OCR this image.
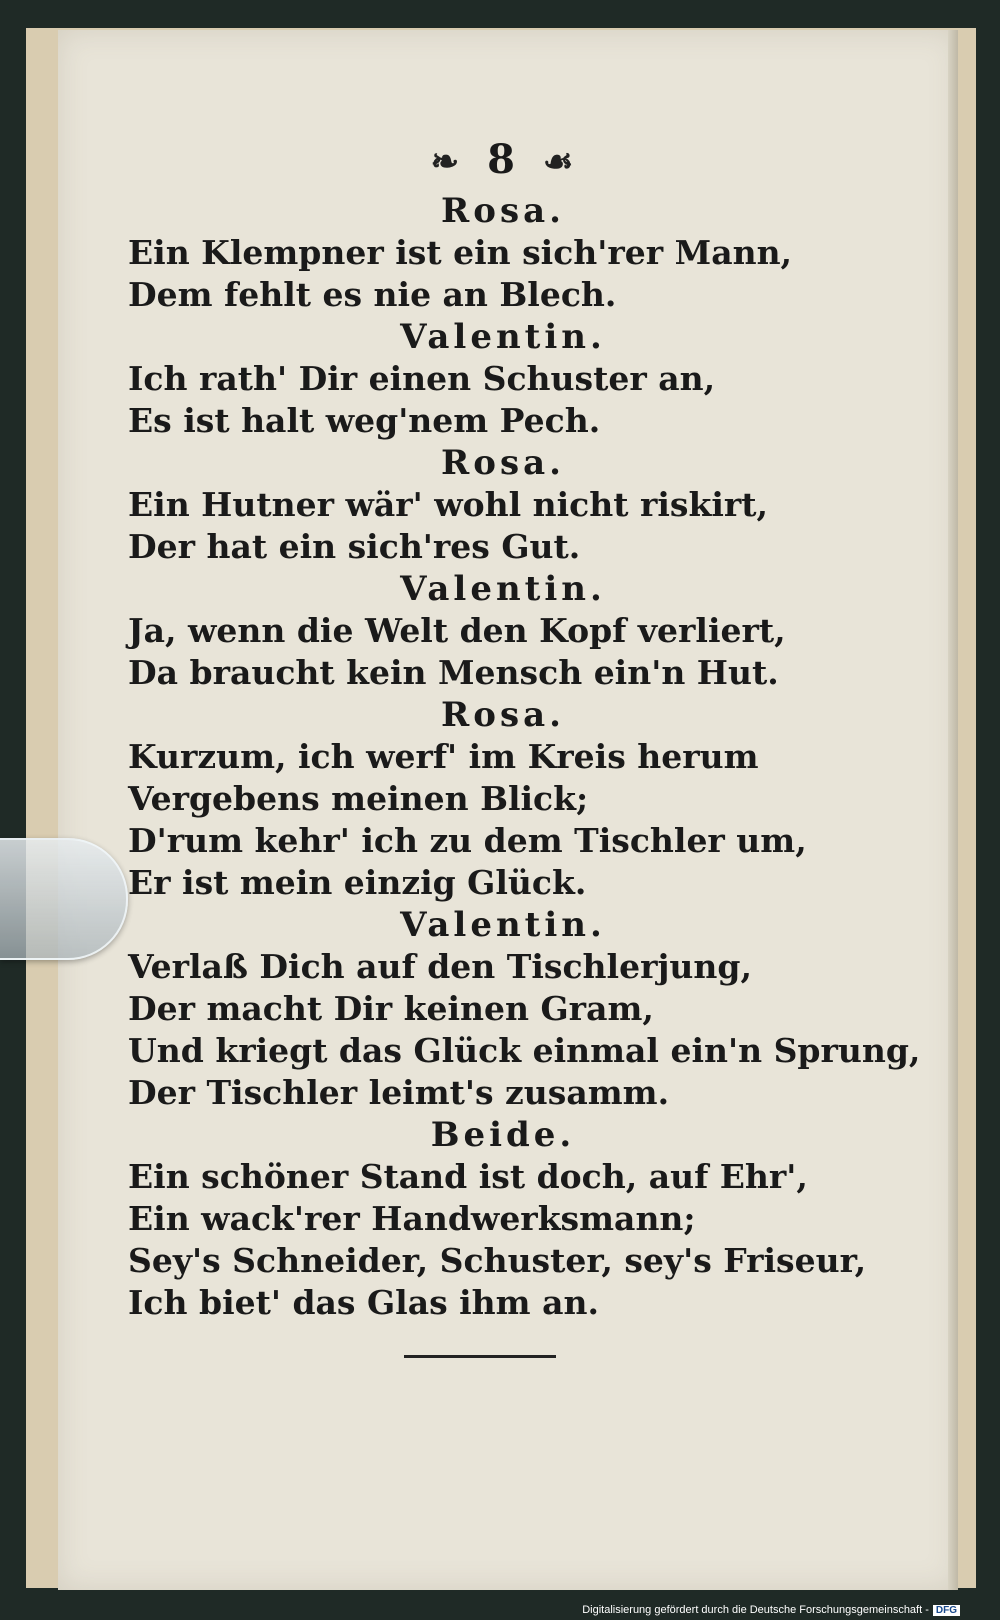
❧ 8 ☙
Rosa.
Ein Klempner ist ein sich'rer Mann,
Dem fehlt es nie an Blech.
Valentin.
Ich rath' Dir einen Schuster an,
Es ist halt weg'nem Pech.
Rosa.
Ein Hutner wär' wohl nicht riskirt,
Der hat ein sich'res Gut.
Valentin.
Ja, wenn die Welt den Kopf verliert,
Da braucht kein Mensch ein'n Hut.
Rosa.
Kurzum, ich werf' im Kreis herum
Vergebens meinen Blick;
D'rum kehr' ich zu dem Tischler um,
Er ist mein einzig Glück.
Valentin.
Verlaß Dich auf den Tischlerjung,
Der macht Dir keinen Gram,
Und kriegt das Glück einmal ein'n Sprung,
Der Tischler leimt's zusamm.
Beide.
Ein schöner Stand ist doch, auf Ehr',
Ein wack'rer Handwerksmann;
Sey's Schneider, Schuster, sey's Friseur,
Ich biet' das Glas ihm an.
Digitalisierung gefördert durch die Deutsche Forschungsgemeinschaft - DFG
